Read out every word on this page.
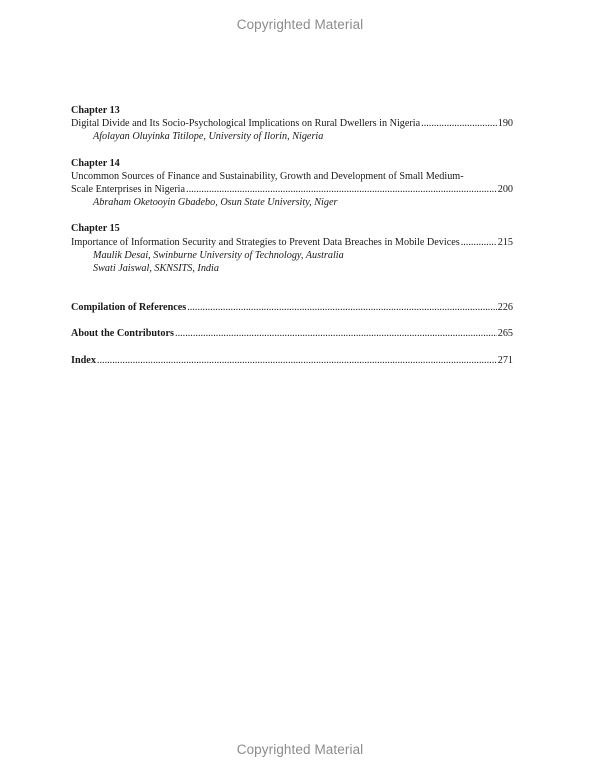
Copyrighted Material
Chapter 13
Digital Divide and Its Socio-Psychological Implications on Rural Dwellers in Nigeria .....	190
Afolayan Oluyinka Titilope, University of Ilorin, Nigeria
Chapter 14
Uncommon Sources of Finance and Sustainability, Growth and Development of Small Medium-
Scale Enterprises in Nigeria .....	200
Abraham Oketooyin Gbadebo, Osun State University, Niger
Chapter 15
Importance of Information Security and Strategies to Prevent Data Breaches in Mobile Devices .....	215
Maulik Desai, Swinburne University of Technology, Australia
Swati Jaiswal, SKNSITS, India
Compilation of References .....	226
About the Contributors .....	265
Index .....	271
Copyrighted Material
